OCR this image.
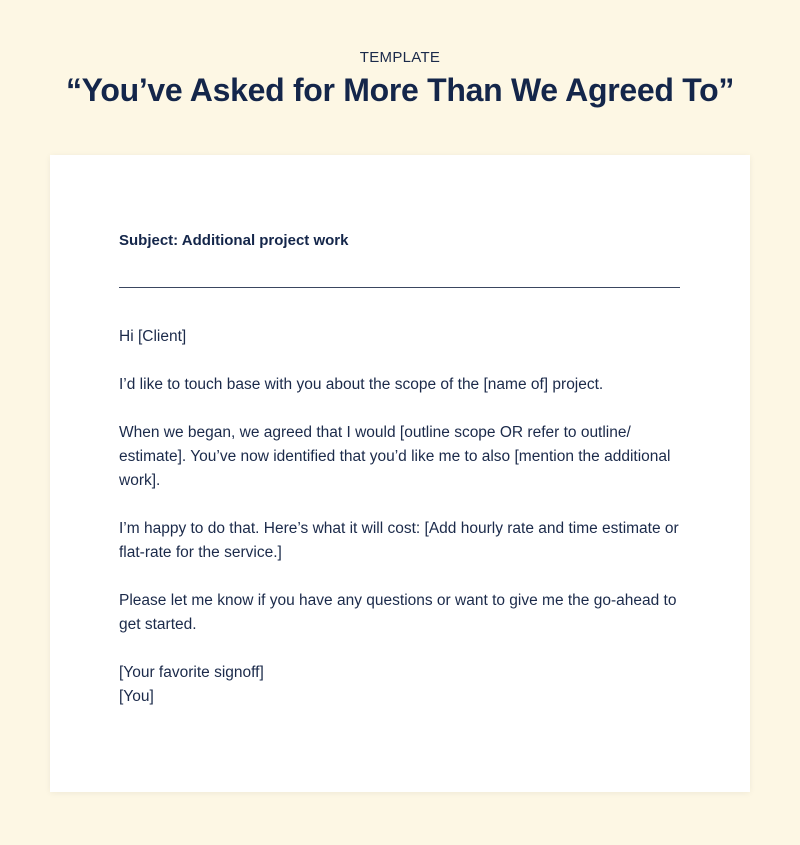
TEMPLATE
“You’ve Asked for More Than We Agreed To”
Subject: Additional project work

Hi [Client]

I’d like to touch base with you about the scope of the [name of] project.

When we began, we agreed that I would [outline scope OR refer to outline/ estimate]. You’ve now identified that you’d like me to also [mention the additional work].

I’m happy to do that. Here’s what it will cost: [Add hourly rate and time estimate or flat-rate for the service.]

Please let me know if you have any questions or want to give me the go-ahead to get started.

[Your favorite signoff]

[You]
